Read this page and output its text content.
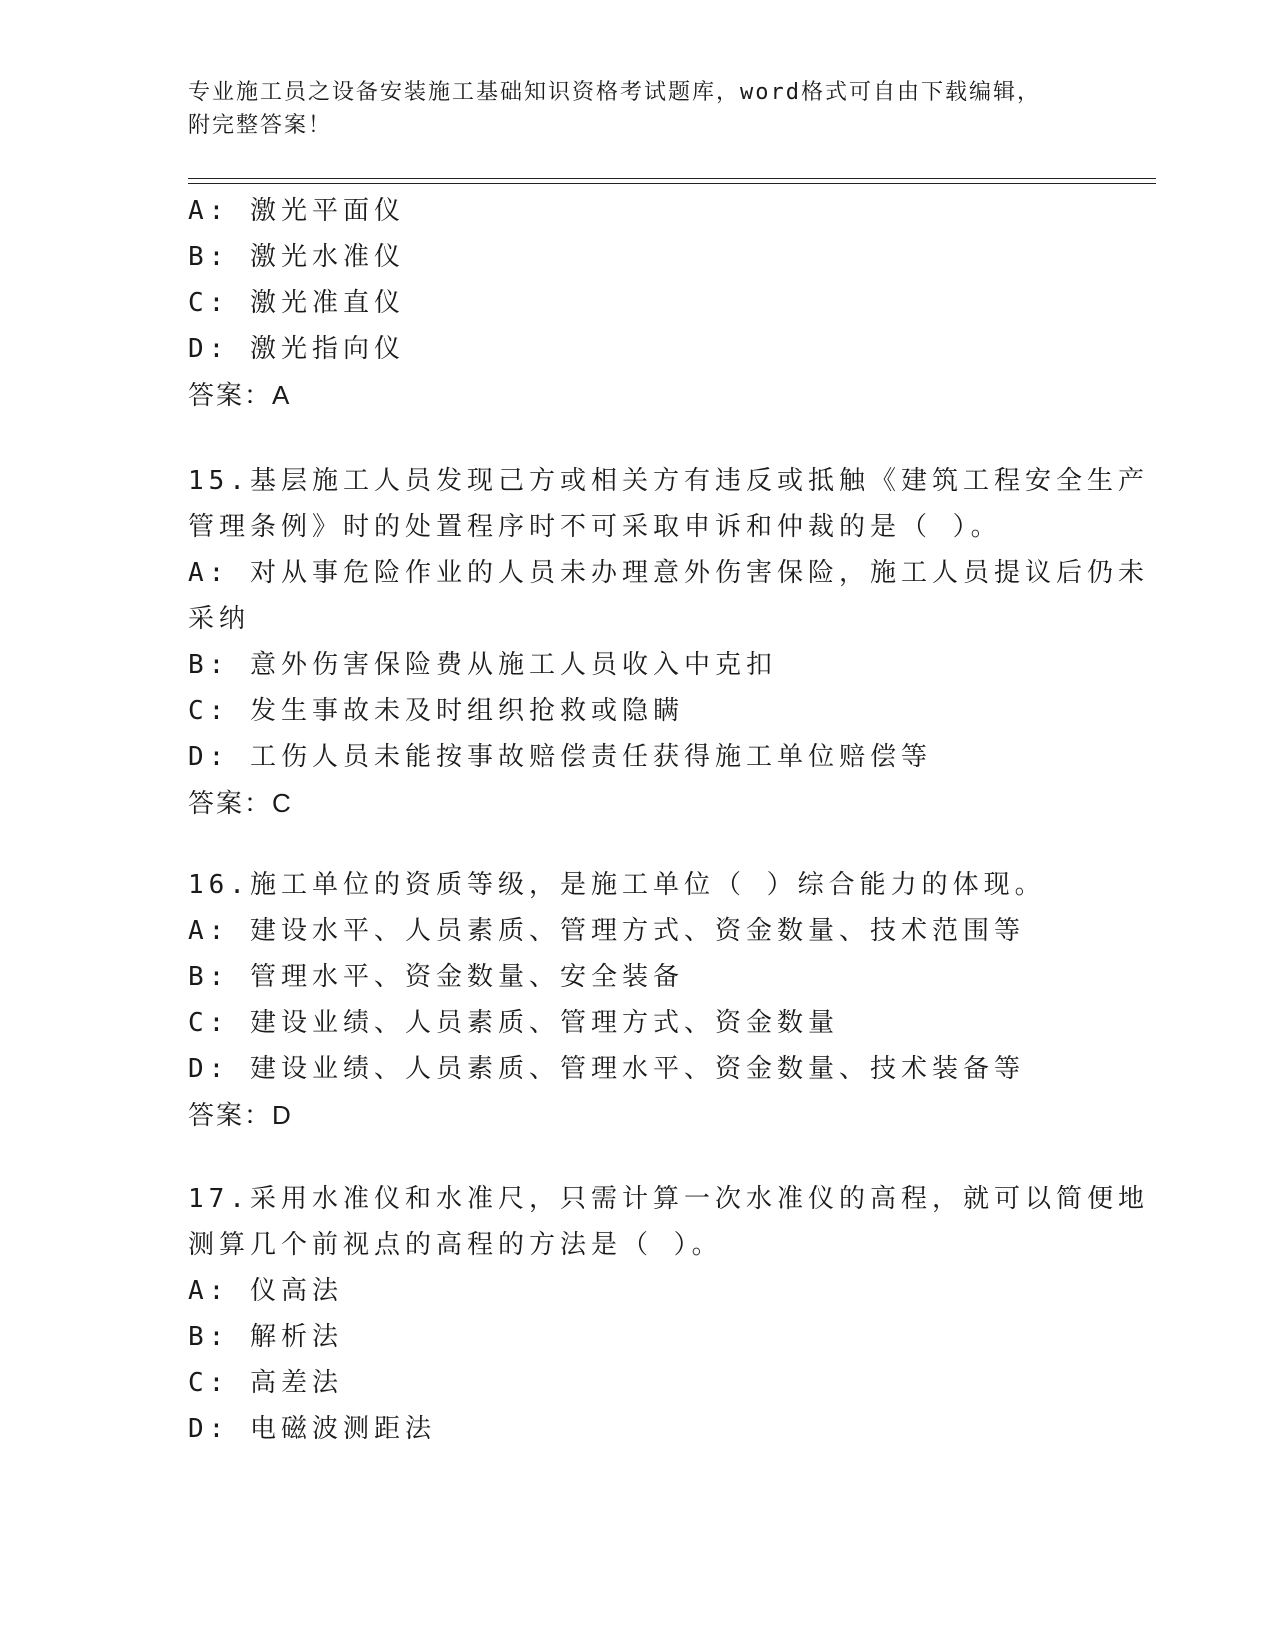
专业施工员之设备安装施工基础知识资格考试题库，word格式可自由下载编辑，
附完整答案！
A: 激光平面仪
B: 激光水准仪
C: 激光准直仪
D: 激光指向仪
答案：A
15.基层施工人员发现己方或相关方有违反或抵触《建筑工程安全生产
管理条例》时的处置程序时不可采取申诉和仲裁的是（ ）。
A: 对从事危险作业的人员未办理意外伤害保险，施工人员提议后仍未
采纳
B: 意外伤害保险费从施工人员收入中克扣
C: 发生事故未及时组织抢救或隐瞒
D: 工伤人员未能按事故赔偿责任获得施工单位赔偿等
答案：C
16.施工单位的资质等级，是施工单位（ ）综合能力的体现。
A: 建设水平、人员素质、管理方式、资金数量、技术范围等
B: 管理水平、资金数量、安全装备
C: 建设业绩、人员素质、管理方式、资金数量
D: 建设业绩、人员素质、管理水平、资金数量、技术装备等
答案：D
17.采用水准仪和水准尺，只需计算一次水准仪的高程，就可以简便地
测算几个前视点的高程的方法是（ ）。
A: 仪高法
B: 解析法
C: 高差法
D: 电磁波测距法
